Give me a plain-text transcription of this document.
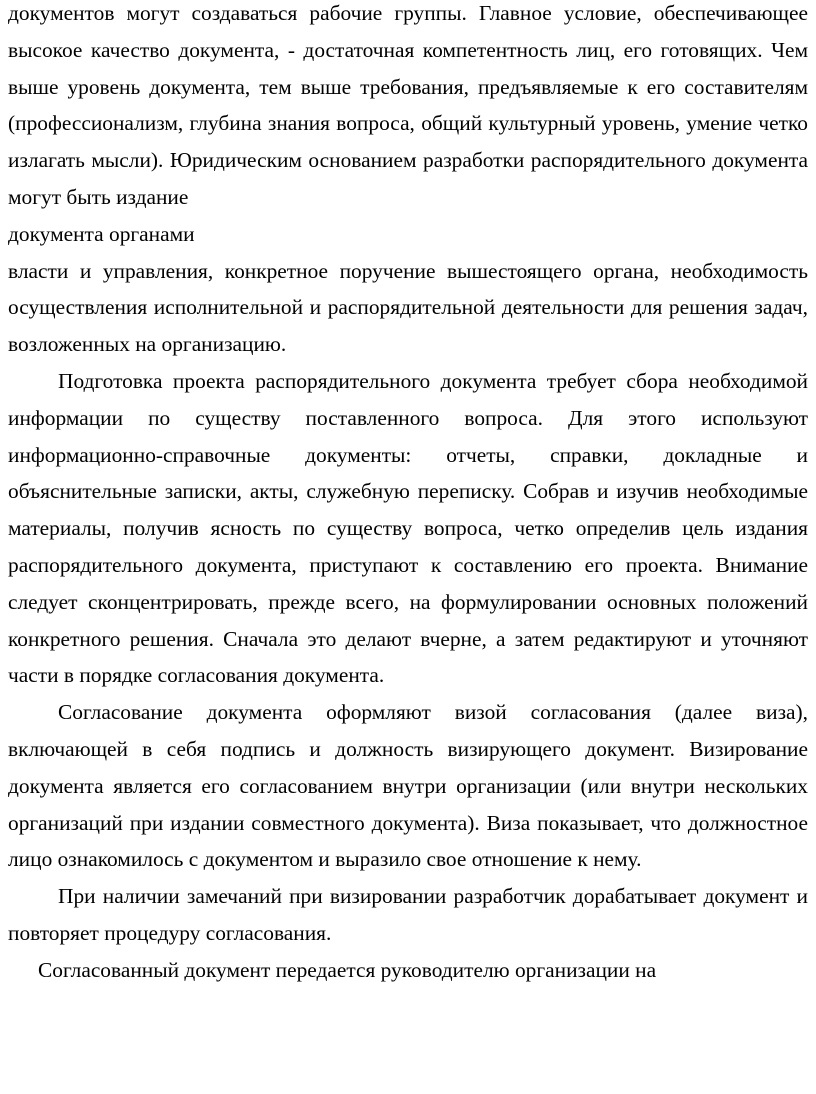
документов могут создаваться рабочие группы. Главное условие, обеспечивающее высокое качество документа, - достаточная компетентность лиц, его готовящих. Чем выше уровень документа, тем выше требования, предъявляемые к его составителям (профессионализм, глубина знания вопроса, общий культурный уровень, умение четко излагать мысли). Юридическим основанием разработки распорядительного документа могут быть издание

документа органами

власти и управления, конкретное поручение вышестоящего органа, необходимость осуществления исполнительной и распорядительной деятельности для решения задач, возложенных на организацию.

Подготовка проекта распорядительного документа требует сбора необходимой информации по существу поставленного вопроса. Для этого используют информационно-справочные документы: отчеты, справки, докладные и объяснительные записки, акты, служебную переписку. Собрав и изучив необходимые материалы, получив ясность по существу вопроса, четко определив цель издания распорядительного документа, приступают к составлению его проекта. Внимание следует сконцентрировать, прежде всего, на формулировании основных положений конкретного решения. Сначала это делают вчерне, а затем редактируют и уточняют части в порядке согласования документа.

Согласование документа оформляют визой согласования (далее виза), включающей в себя подпись и должность визирующего документ. Визирование документа является его согласованием внутри организации (или внутри нескольких организаций при издании совместного документа). Виза показывает, что должностное лицо ознакомилось с документом и выразило свое отношение к нему.

При наличии замечаний при визировании разработчик дорабатывает документ и повторяет процедуру согласования.

Согласованный документ передается руководителю организации на
